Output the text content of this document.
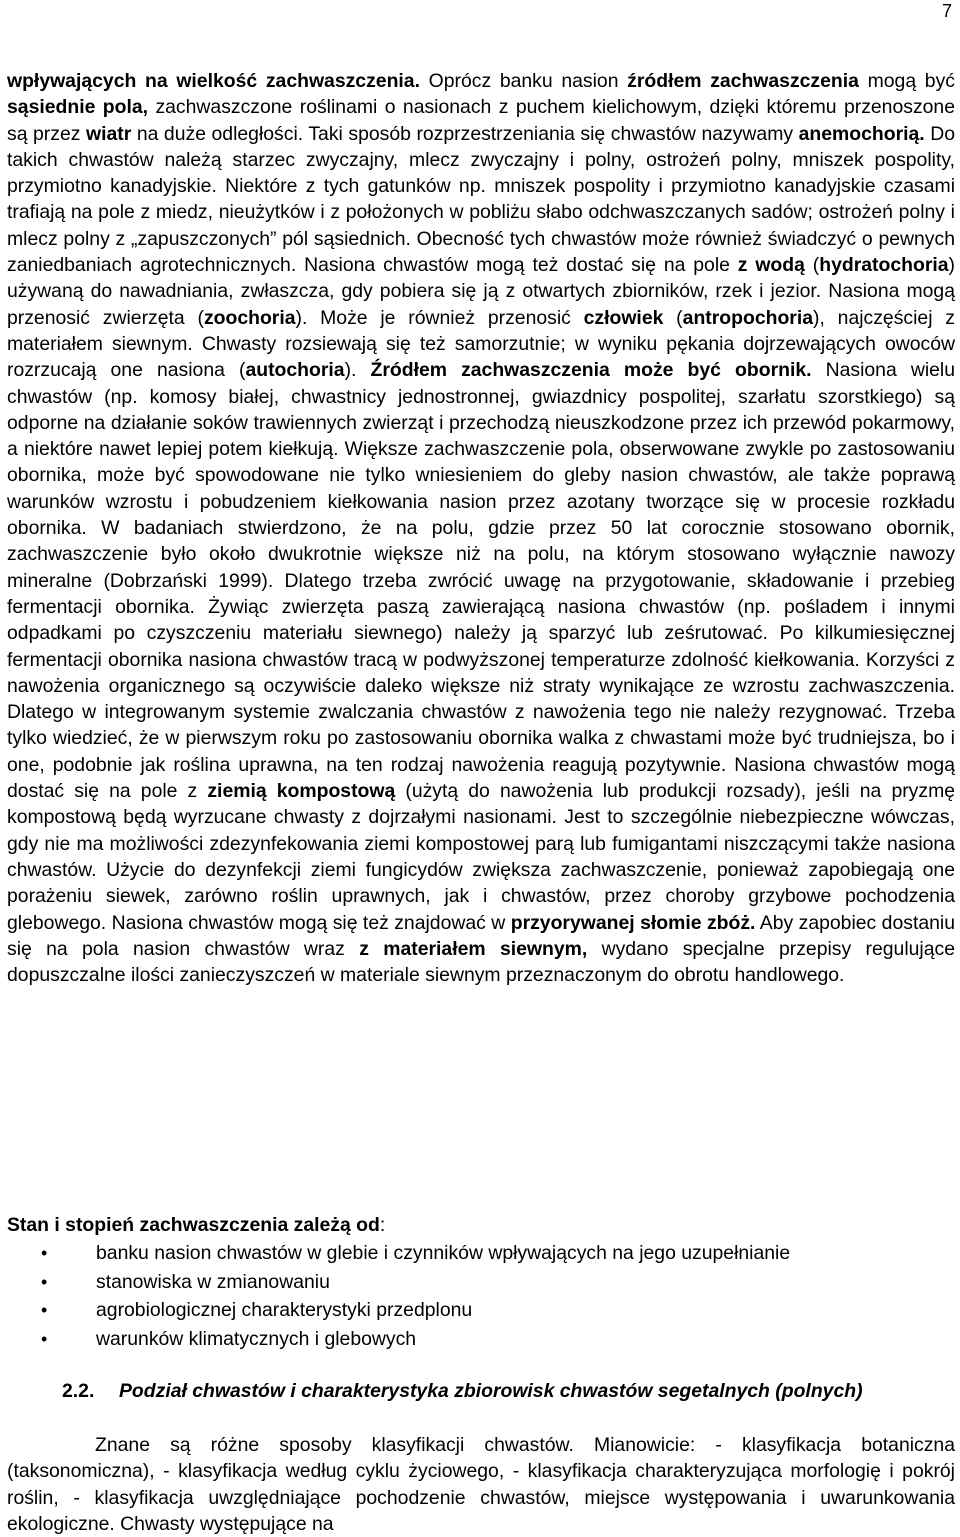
7

wpływających na wielkość zachwaszczenia. Oprócz banku nasion źródłem zachwaszczenia mogą być sąsiednie pola, zachwaszczone roślinami o nasionach z puchem kielichowym, dzięki któremu przenoszone są przez wiatr na duże odległości. Taki sposób rozprzestrzeniania się chwastów nazywamy anemochorią. Do takich chwastów należą starzec zwyczajny, mlecz zwyczajny i polny, ostrożeń polny, mniszek pospolity, przymiotno kanadyjskie. Niektóre z tych gatunków np. mniszek pospolity i przymiotno kanadyjskie czasami trafiają na pole z miedz, nieużytków i z położonych w pobliżu słabo odchwaszczanych sadów; ostrożeń polny i mlecz polny z „zapuszczonych” pól sąsiednich. Obecność tych chwastów może również świadczyć o pewnych zaniedbaniach agrotechnicznych. Nasiona chwastów mogą też dostać się na pole z wodą (hydratochoria) używaną do nawadniania, zwłaszcza, gdy pobiera się ją z otwartych zbiorników, rzek i jezior. Nasiona mogą przenosić zwierzęta (zoochoria). Może je również przenosić człowiek (antropochoria), najczęściej z materiałem siewnym. Chwasty rozsiewają się też samorzutnie; w wyniku pękania dojrzewających owoców rozrzucają one nasiona (autochoria). Źródłem zachwaszczenia może być obornik. Nasiona wielu chwastów (np. komosy białej, chwastnicy jednostronnej, gwiazdnicy pospolitej, szarłatu szorstkiego) są odporne na działanie soków trawiennych zwierząt i przechodzą nieuszkodzone przez ich przewód pokarmowy, a niektóre nawet lepiej potem kiełkują. Większe zachwaszczenie pola, obserwowane zwykle po zastosowaniu obornika, może być spowodowane nie tylko wniesieniem do gleby nasion chwastów, ale także poprawą warunków wzrostu i pobudzeniem kiełkowania nasion przez azotany tworzące się w procesie rozkładu obornika. W badaniach stwierdzono, że na polu, gdzie przez 50 lat corocznie stosowano obornik, zachwaszczenie było około dwukrotnie większe niż na polu, na którym stosowano wyłącznie nawozy mineralne (Dobrzański 1999). Dlatego trzeba zwrócić uwagę na przygotowanie, składowanie i przebieg fermentacji obornika. Żywiąc zwierzęta paszą zawierającą nasiona chwastów (np. pośladem i innymi odpadkami po czyszczeniu materiału siewnego) należy ją sparzyć lub ześrutować. Po kilkumiesięcznej fermentacji obornika nasiona chwastów tracą w podwyższonej temperaturze zdolność kiełkowania. Korzyści z nawożenia organicznego są oczywiście daleko większe niż straty wynikające ze wzrostu zachwaszczenia. Dlatego w integrowanym systemie zwalczania chwastów z nawożenia tego nie należy rezygnować. Trzeba tylko wiedzieć, że w pierwszym roku po zastosowaniu obornika walka z chwastami może być trudniejsza, bo i one, podobnie jak roślina uprawna, na ten rodzaj nawożenia reagują pozytywnie. Nasiona chwastów mogą dostać się na pole z ziemią kompostową (użytą do nawożenia lub produkcji rozsady), jeśli na pryzmę kompostową będą wyrzucane chwasty z dojrzałymi nasionami. Jest to szczególnie niebezpieczne wówczas, gdy nie ma możliwości zdezynfekowania ziemi kompostowej parą lub fumigantami niszczącymi także nasiona chwastów. Użycie do dezynfekcji ziemi fungicydów zwiększa zachwaszczenie, ponieważ zapobiegają one porażeniu siewek, zarówno roślin uprawnych, jak i chwastów, przez choroby grzybowe pochodzenia glebowego. Nasiona chwastów mogą się też znajdować w przyorywanej słomie zbóż. Aby zapobiec dostaniu się na pola nasion chwastów wraz z materiałem siewnym, wydano specjalne przepisy regulujące dopuszczalne ilości zanieczyszczeń w materiale siewnym przeznaczonym do obrotu handlowego.

Stan i stopień zachwaszczenia zależą od:

• banku nasion chwastów w glebie i czynników wpływających na jego uzupełnianie
• stanowiska w zmianowaniu
• agrobiologicznej charakterystyki przedplonu
• warunków klimatycznych i glebowych
2.2. Podział chwastów i charakterystyka zbiorowisk chwastów segetalnych (polnych)

Znane są różne sposoby klasyfikacji chwastów. Mianowicie: - klasyfikacja botaniczna (taksonomiczna), - klasyfikacja według cyklu życiowego, - klasyfikacja charakteryzująca morfologię i pokrój roślin, - klasyfikacja uwzględniające pochodzenie chwastów, miejsce występowania i uwarunkowania ekologiczne. Chwasty występujące na
